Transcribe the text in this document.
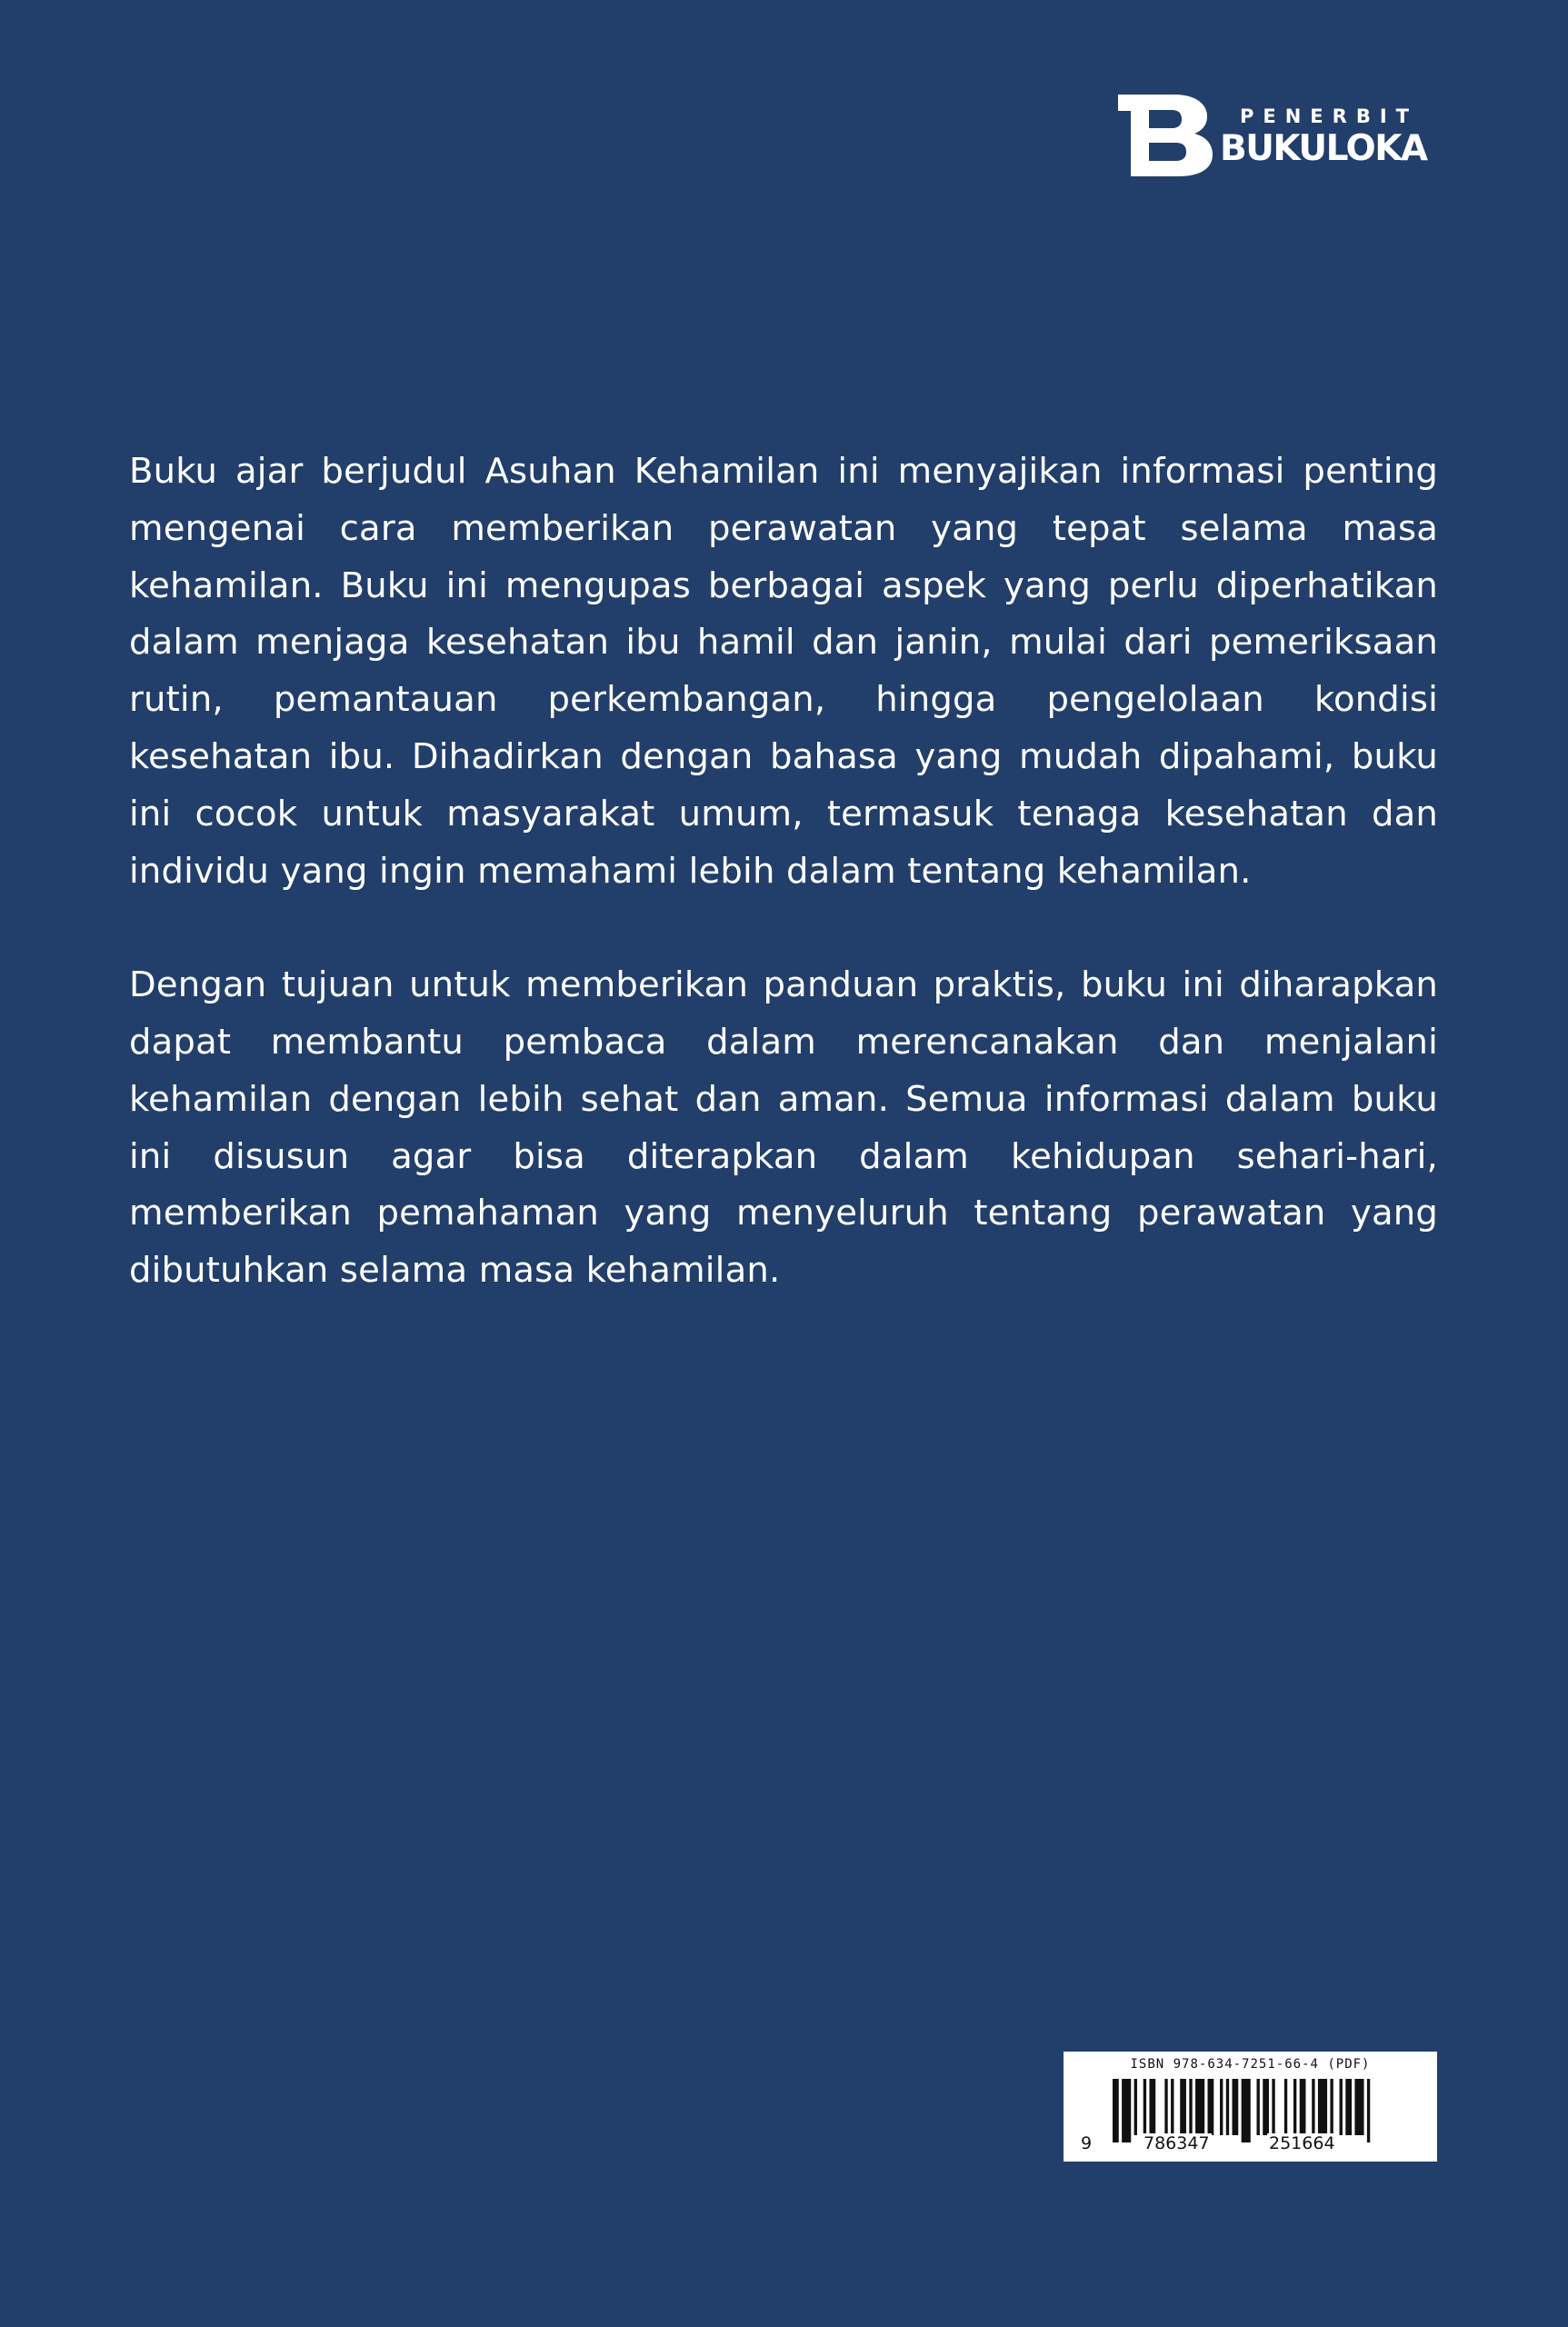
PENERBIT
BUKULOKA

Buku ajar berjudul Asuhan Kehamilan ini menyajikan informasi penting mengenai cara memberikan perawatan yang tepat selama masa kehamilan. Buku ini mengupas berbagai aspek yang perlu diperhatikan dalam menjaga kesehatan ibu hamil dan janin, mulai dari pemeriksaan rutin, pemantauan perkembangan, hingga pengelolaan kondisi kesehatan ibu. Dihadirkan dengan bahasa yang mudah dipahami, buku ini cocok untuk masyarakat umum, termasuk tenaga kesehatan dan individu yang ingin memahami lebih dalam tentang kehamilan.

Dengan tujuan untuk memberikan panduan praktis, buku ini diharapkan dapat membantu pembaca dalam merencanakan dan menjalani kehamilan dengan lebih sehat dan aman. Semua informasi dalam buku ini disusun agar bisa diterapkan dalam kehidupan sehari-hari, memberikan pemahaman yang menyeluruh tentang perawatan yang dibutuhkan selama masa kehamilan.

ISBN 978-634-7251-66-4 (PDF)
9	786347	251664
